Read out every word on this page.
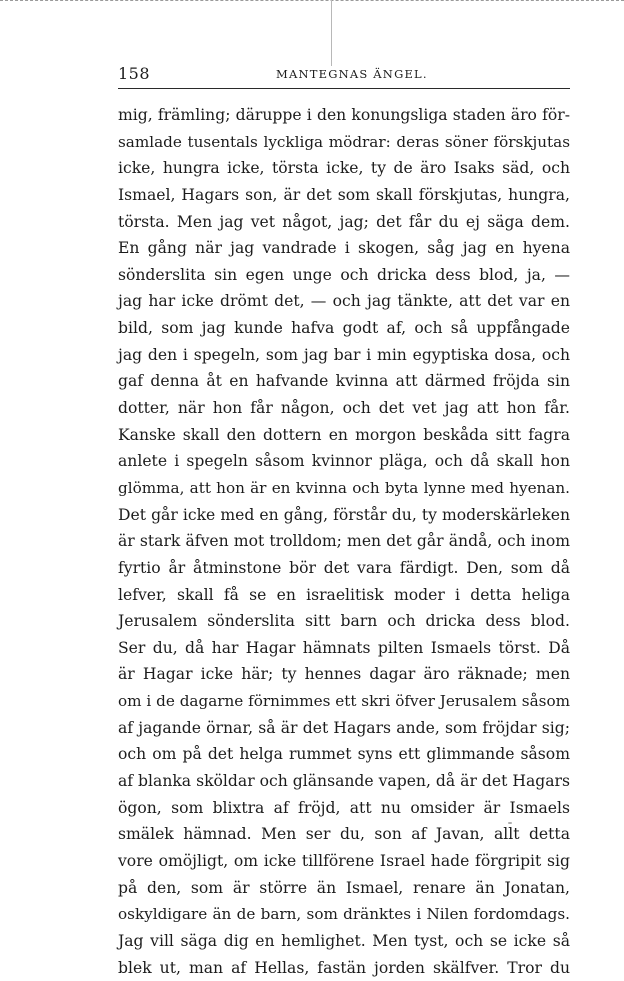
158	MANTEGNAS ÄNGEL.
mig, främling; däruppe i den konungsliga staden äro för-
samlade tusentals lyckliga mödrar: deras söner förskjutas
icke, hungra icke, törsta icke, ty de äro Isaks säd, och
Ismael, Hagars son, är det som skall förskjutas, hungra,
törsta. Men jag vet något, jag; det får du ej säga dem.
En gång när jag vandrade i skogen, såg jag en hyena
sönderslita sin egen unge och dricka dess blod, ja, —
jag har icke drömt det, — och jag tänkte, att det var en
bild, som jag kunde hafva godt af, och så uppfångade
jag den i spegeln, som jag bar i min egyptiska dosa, och
gaf denna åt en hafvande kvinna att därmed fröjda sin
dotter, när hon får någon, och det vet jag att hon får.
Kanske skall den dottern en morgon beskåda sitt fagra
anlete i spegeln såsom kvinnor pläga, och då skall hon
glömma, att hon är en kvinna och byta lynne med hyenan.
Det går icke med en gång, förstår du, ty moderskärleken
är stark äfven mot trolldom; men det går ändå, och inom
fyrtio år åtminstone bör det vara färdigt. Den, som då
lefver, skall få se en israelitisk moder i detta heliga
Jerusalem sönderslita sitt barn och dricka dess blod.
Ser du, då har Hagar hämnats pilten Ismaels törst. Då
är Hagar icke här; ty hennes dagar äro räknade; men
om i de dagarne förnimmes ett skri öfver Jerusalem såsom
af jagande örnar, så är det Hagars ande, som fröjdar sig;
och om på det helga rummet syns ett glimmande såsom
af blanka sköldar och glänsande vapen, då är det Hagars
ögon, som blixtra af fröjd, att nu omsider är Ismaels
smälek hämnad. Men ser du, son af Javan, allt detta
vore omöjligt, om icke tillförene Israel hade förgripit sig
på den, som är större än Ismael, renare än Jonatan,
oskyldigare än de barn, som dränktes i Nilen fordomdags.
Jag vill säga dig en hemlighet. Men tyst, och se icke så
blek ut, man af Hellas, fastän jorden skälfver. Tror du
